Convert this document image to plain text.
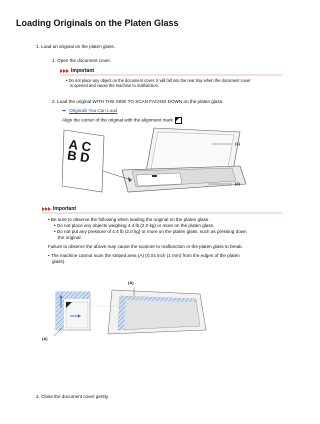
Loading Originals on the Platen Glass
1. Load an original on the platen glass.
1. Open the document cover.
Important
• Do not place any object on the document cover. It will fall into the rear tray when the document cover
is opened and cause the machine to malfunction.
2. Load the original WITH THE SIDE TO SCAN FACING DOWN on the platen glass.
➡ Originals You Can Load
Align the corner of the original with the alignment mark
A C
B D
(1)
(2)
Important
• Be sure to observe the following when loading the original on the platen glass.
• Do not place any objects weighing 4.4 lb (2.0 kg) or more on the platen glass.
• Do not put any pressure of 4.4 lb (2.0 kg) or more on the platen glass, such as pressing down
the original.
Failure to observe the above may cause the scanner to malfunction or the platen glass to break.
• The machine cannot scan the striped area (A) (0.04 inch (1 mm) from the edges of the platen
glass).
(A)
(A)
2. Close the document cover gently.
